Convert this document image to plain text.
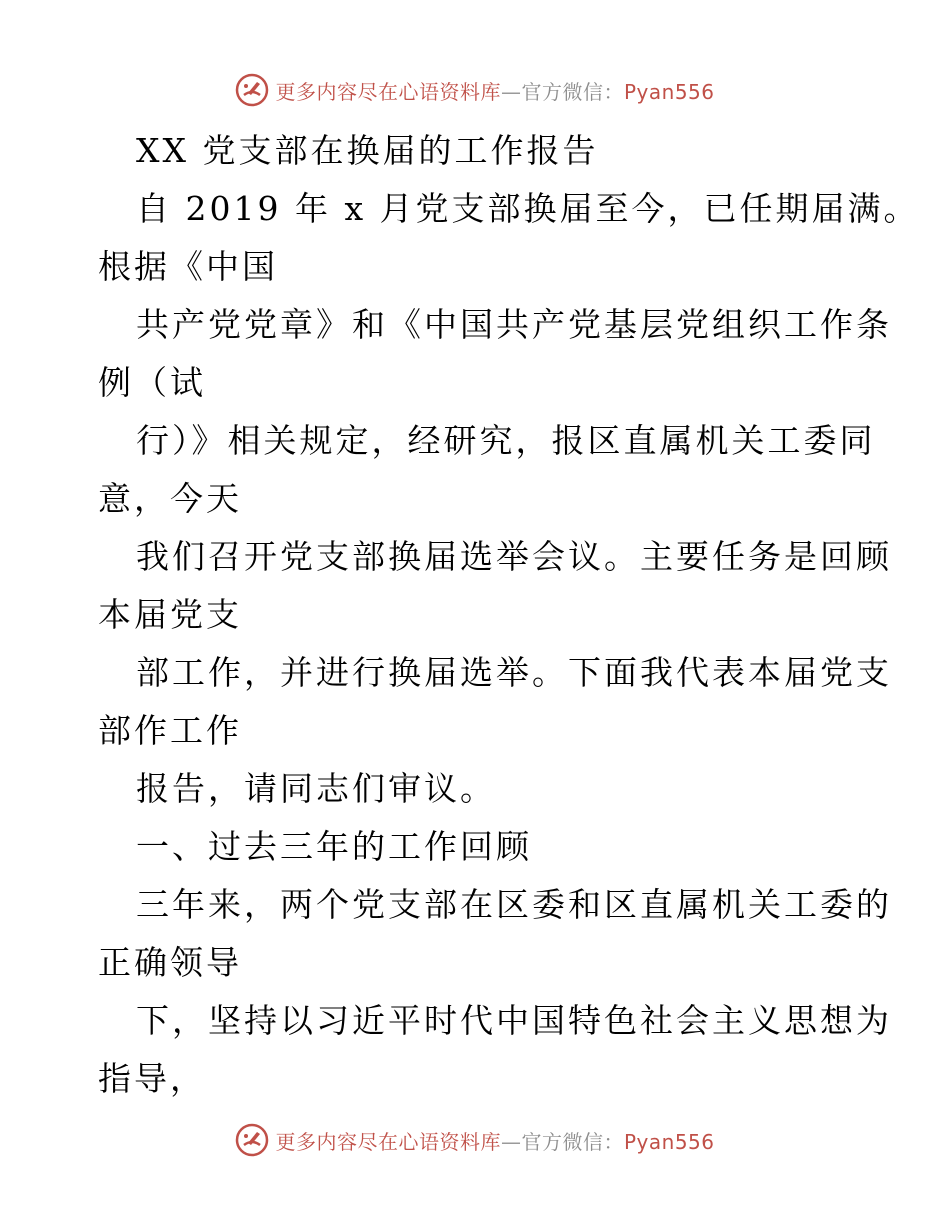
更多内容尽在心语资料库—官方微信：Pyan556
XX 党支部在换届的工作报告
自 2019 年 x 月党支部换届至今，已任期届满。
根据《中国
共产党党章》和《中国共产党基层党组织工作条
例（试
行）》相关规定，经研究，报区直属机关工委同
意，今天
我们召开党支部换届选举会议。主要任务是回顾
本届党支
部工作，并进行换届选举。下面我代表本届党支
部作工作
报告，请同志们审议。
一、过去三年的工作回顾
三年来，两个党支部在区委和区直属机关工委的
正确领导
下，坚持以习近平时代中国特色社会主义思想为
指导，
更多内容尽在心语资料库—官方微信：Pyan556
